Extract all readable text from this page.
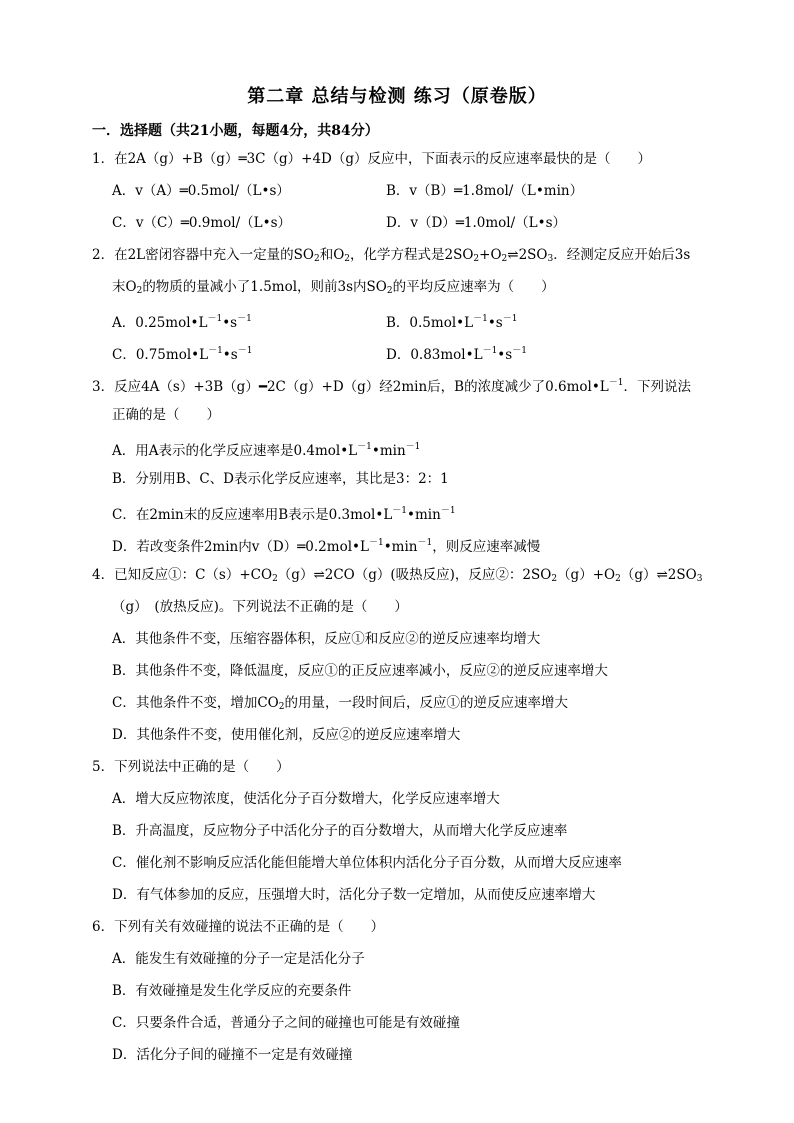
第二章 总结与检测 练习（原卷版）
一．选择题（共21小题，每题4分，共84分）
1．在2A（g）+B（g）═3C（g）+4D（g）反应中，下面表示的反应速率最快的是（　　）
A．v（A）═0.5mol/（L•s）	B．v（B）═1.8mol/（L•min）
C．v（C）═0.9mol/（L•s）	D．v（D）═1.0mol/（L•s）
2．在2L密闭容器中充入一定量的$SO_2$和$O_2$，化学方程式是$2SO_2+O_2\rightleftharpoons 2SO_3$．经测定反应开始后3s
末$O_2$的物质的量减小了1.5mol，则前3s内$SO_2$的平均反应速率为（　　）
A．$0.25mol•L^{-1}•s^{-1}$	B．$0.5mol•L^{-1}•s^{-1}$
C．$0.75mol•L^{-1}•s^{-1}$	D．$0.83mol•L^{-1}•s^{-1}$
3．反应4A（s）+3B（g）━2C（g）+D（g）经2min后，B的浓度减少了$0.6mol•L^{-1}$．下列说法
正确的是（　　）
A．用A表示的化学反应速率是$0.4mol•L^{-1}•\min^{-1}$
B．分别用B、C、D表示化学反应速率，其比是3：2：1
C．在2min末的反应速率用B表示是$0.3mol•L^{-1}•\min^{-1}$
D．若改变条件2min内$v(D)═0.2mol•L^{-1}•\min^{-1}$，则反应速率减慢
4．已知反应①：$C(s)+CO_2(g)\rightleftharpoons 2CO(g)$(吸热反应)，反应②：$2SO_2(g)+O_2(g)\rightleftharpoons 2SO_3$
（g）　(放热反应)。下列说法不正确的是（　　）
A．其他条件不变，压缩容器体积，反应①和反应②的逆反应速率均增大
B．其他条件不变，降低温度，反应①的正反应速率减小，反应②的逆反应速率增大
C．其他条件不变，增加$CO_2$的用量，一段时间后，反应①的逆反应速率增大
D．其他条件不变，使用催化剂，反应②的逆反应速率增大
5．下列说法中正确的是（　　）
A．增大反应物浓度，使活化分子百分数增大，化学反应速率增大
B．升高温度，反应物分子中活化分子的百分数增大，从而增大化学反应速率
C．催化剂不影响反应活化能但能增大单位体积内活化分子百分数，从而增大反应速率
D．有气体参加的反应，压强增大时，活化分子数一定增加，从而使反应速率增大
6．下列有关有效碰撞的说法不正确的是（　　）
A．能发生有效碰撞的分子一定是活化分子
B．有效碰撞是发生化学反应的充要条件
C．只要条件合适，普通分子之间的碰撞也可能是有效碰撞
D．活化分子间的碰撞不一定是有效碰撞
